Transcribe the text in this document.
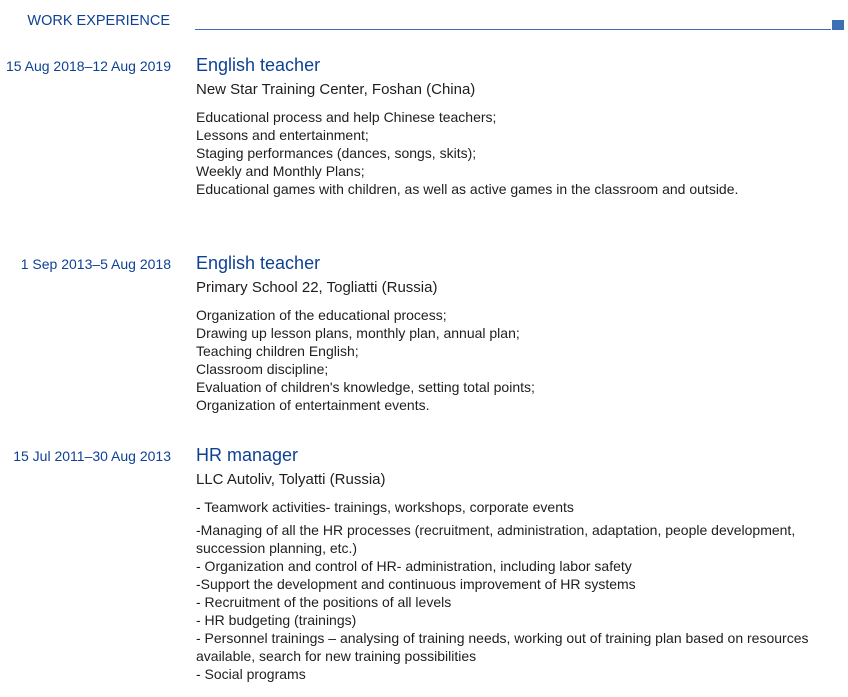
WORK EXPERIENCE
15 Aug 2018–12 Aug 2019 English teacher
New Star Training Center, Foshan (China)
Educational process and help Chinese teachers;
Lessons and entertainment;
Staging performances (dances, songs, skits);
Weekly and Monthly Plans;
Educational games with children, as well as active games in the classroom and outside.
1 Sep 2013–5 Aug 2018 English teacher
Primary School 22, Togliatti (Russia)
Organization of the educational process;
Drawing up lesson plans, monthly plan, annual plan;
Teaching children English;
Classroom discipline;
Evaluation of children's knowledge, setting total points;
Organization of entertainment events.
15 Jul 2011–30 Aug 2013 HR manager
LLC Autoliv, Tolyatti (Russia)
- Teamwork activities- trainings, workshops, corporate events
-Managing of all the HR processes (recruitment, administration, adaptation, people development,
succession planning, etc.)
- Organization and control of HR- administration, including labor safety
-Support the development and continuous improvement of HR systems
- Recruitment of the positions of all levels
- HR budgeting (trainings)
- Personnel trainings – analysing of training needs, working out of training plan based on resources
available, search for new training possibilities
- Social programs
